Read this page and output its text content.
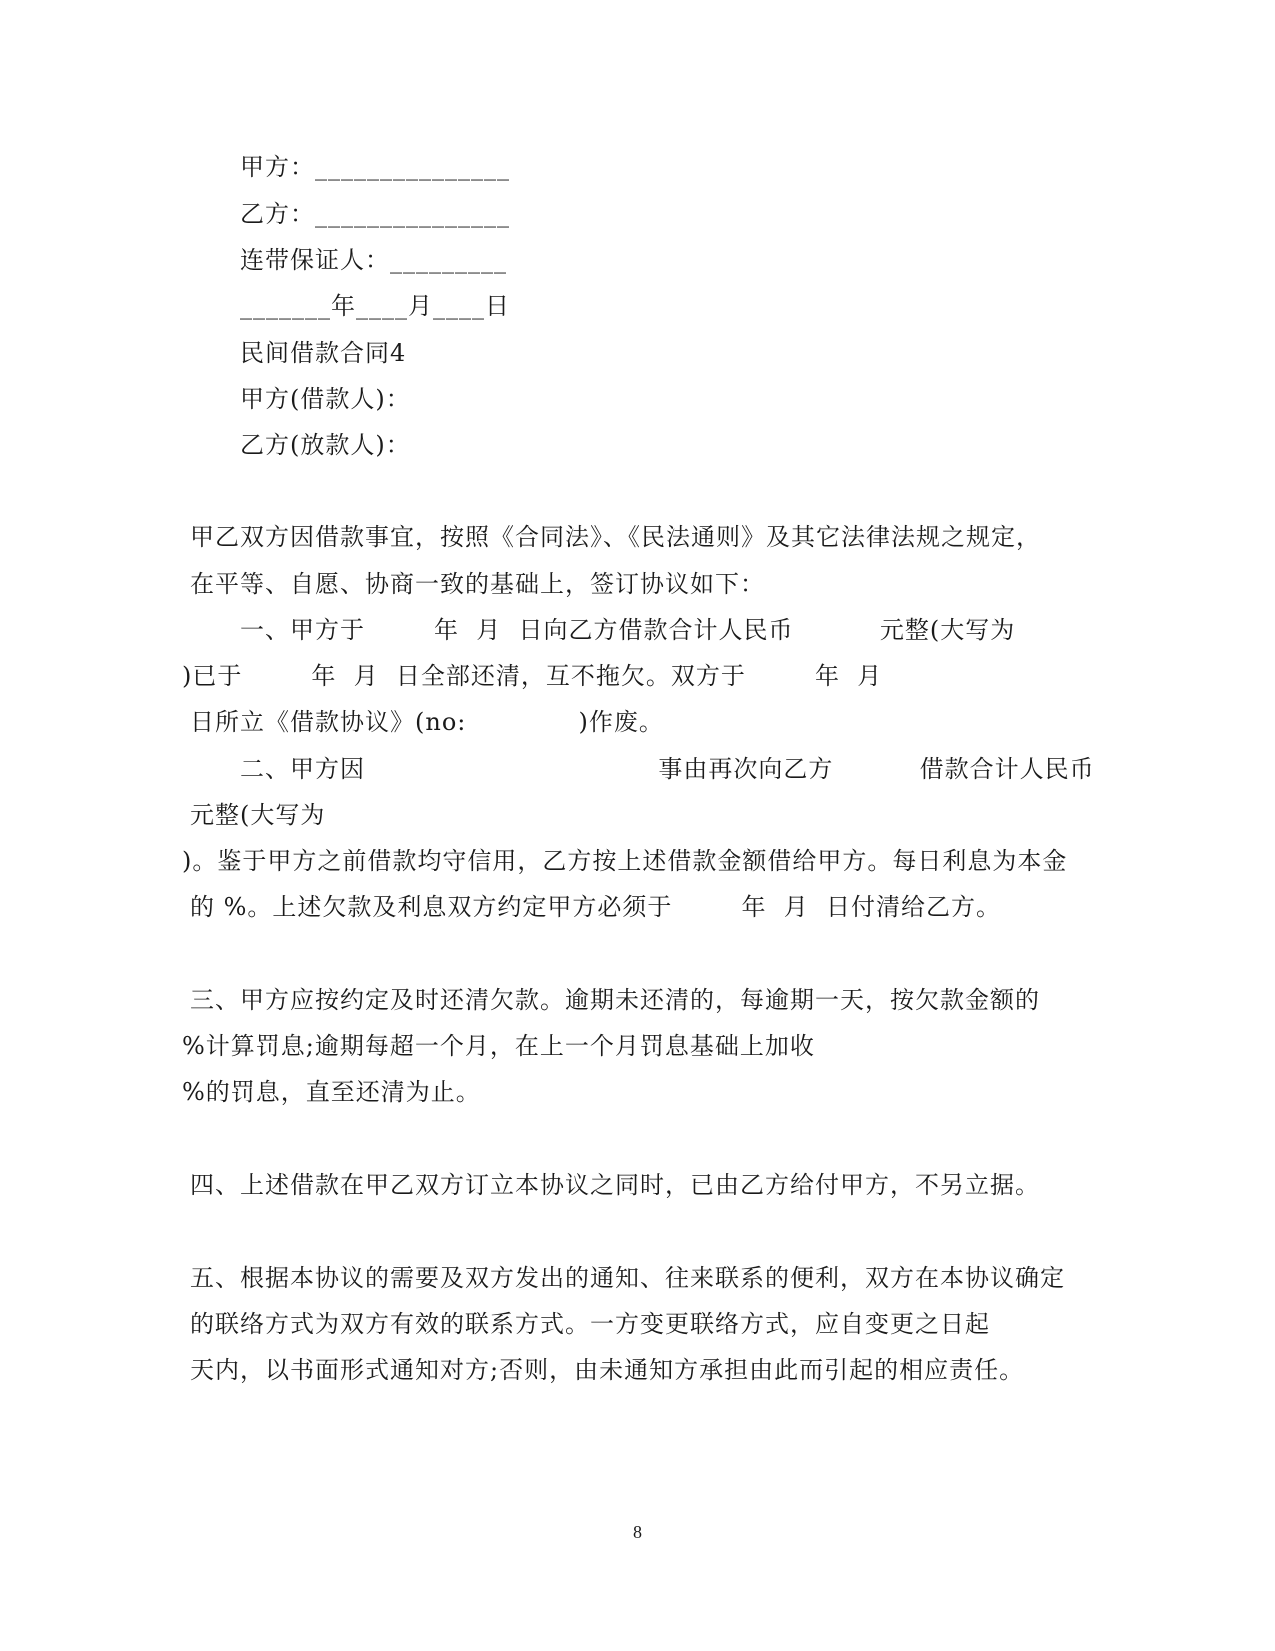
甲方：_______________
乙方：_______________
连带保证人：_________
_______年____月____日
民间借款合同4
甲方(借款人)：
乙方(放款人)：
甲乙双方因借款事宜，按照《合同法》、《民法通则》及其它法律法规之规定，
在平等、自愿、协商一致的基础上，签订协议如下：
一、甲方于        年  月  日向乙方借款合计人民币          元整(大写为
)已于        年  月  日全部还清，互不拖欠。双方于        年  月
日所立《借款协议》(no:             )作废。
二、甲方因                                  事由再次向乙方          借款合计人民币
元整(大写为
)。鉴于甲方之前借款均守信用，乙方按上述借款金额借给甲方。每日利息为本金
的 %。上述欠款及利息双方约定甲方必须于        年  月  日付清给乙方。
三、甲方应按约定及时还清欠款。逾期未还清的，每逾期一天，按欠款金额的
%计算罚息;逾期每超一个月，在上一个月罚息基础上加收
%的罚息，直至还清为止。
四、上述借款在甲乙双方订立本协议之同时，已由乙方给付甲方，不另立据。
五、根据本协议的需要及双方发出的通知、往来联系的便利，双方在本协议确定
的联络方式为双方有效的联系方式。一方变更联络方式，应自变更之日起
天内，以书面形式通知对方;否则，由未通知方承担由此而引起的相应责任。
8
